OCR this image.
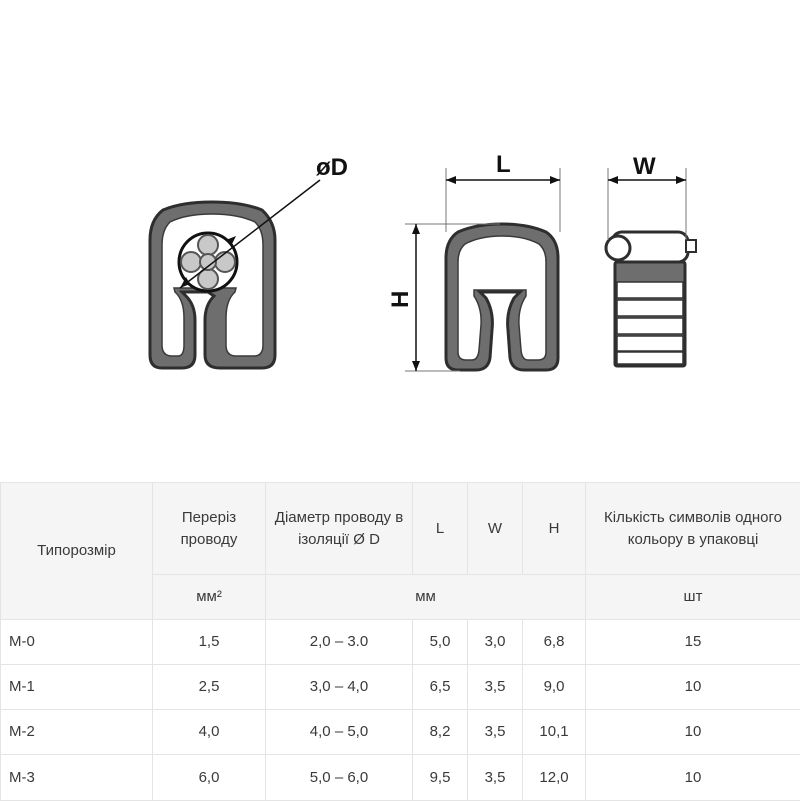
øD	L
H
W
Типорозмір	Переріз проводу	Діаметр проводу в ізоляції Ø D	L	W	H	Кількість символів одного кольору в упаковці
	мм²	мм				шт
M-0	1,5	2,0 – 3.0	5,0	3,0	6,8	15
M-1	2,5	3,0 – 4,0	6,5	3,5	9,0	10
M-2	4,0	4,0 – 5,0	8,2	3,5	10,1	10
M-3	6,0	5,0 – 6,0	9,5	3,5	12,0	10
